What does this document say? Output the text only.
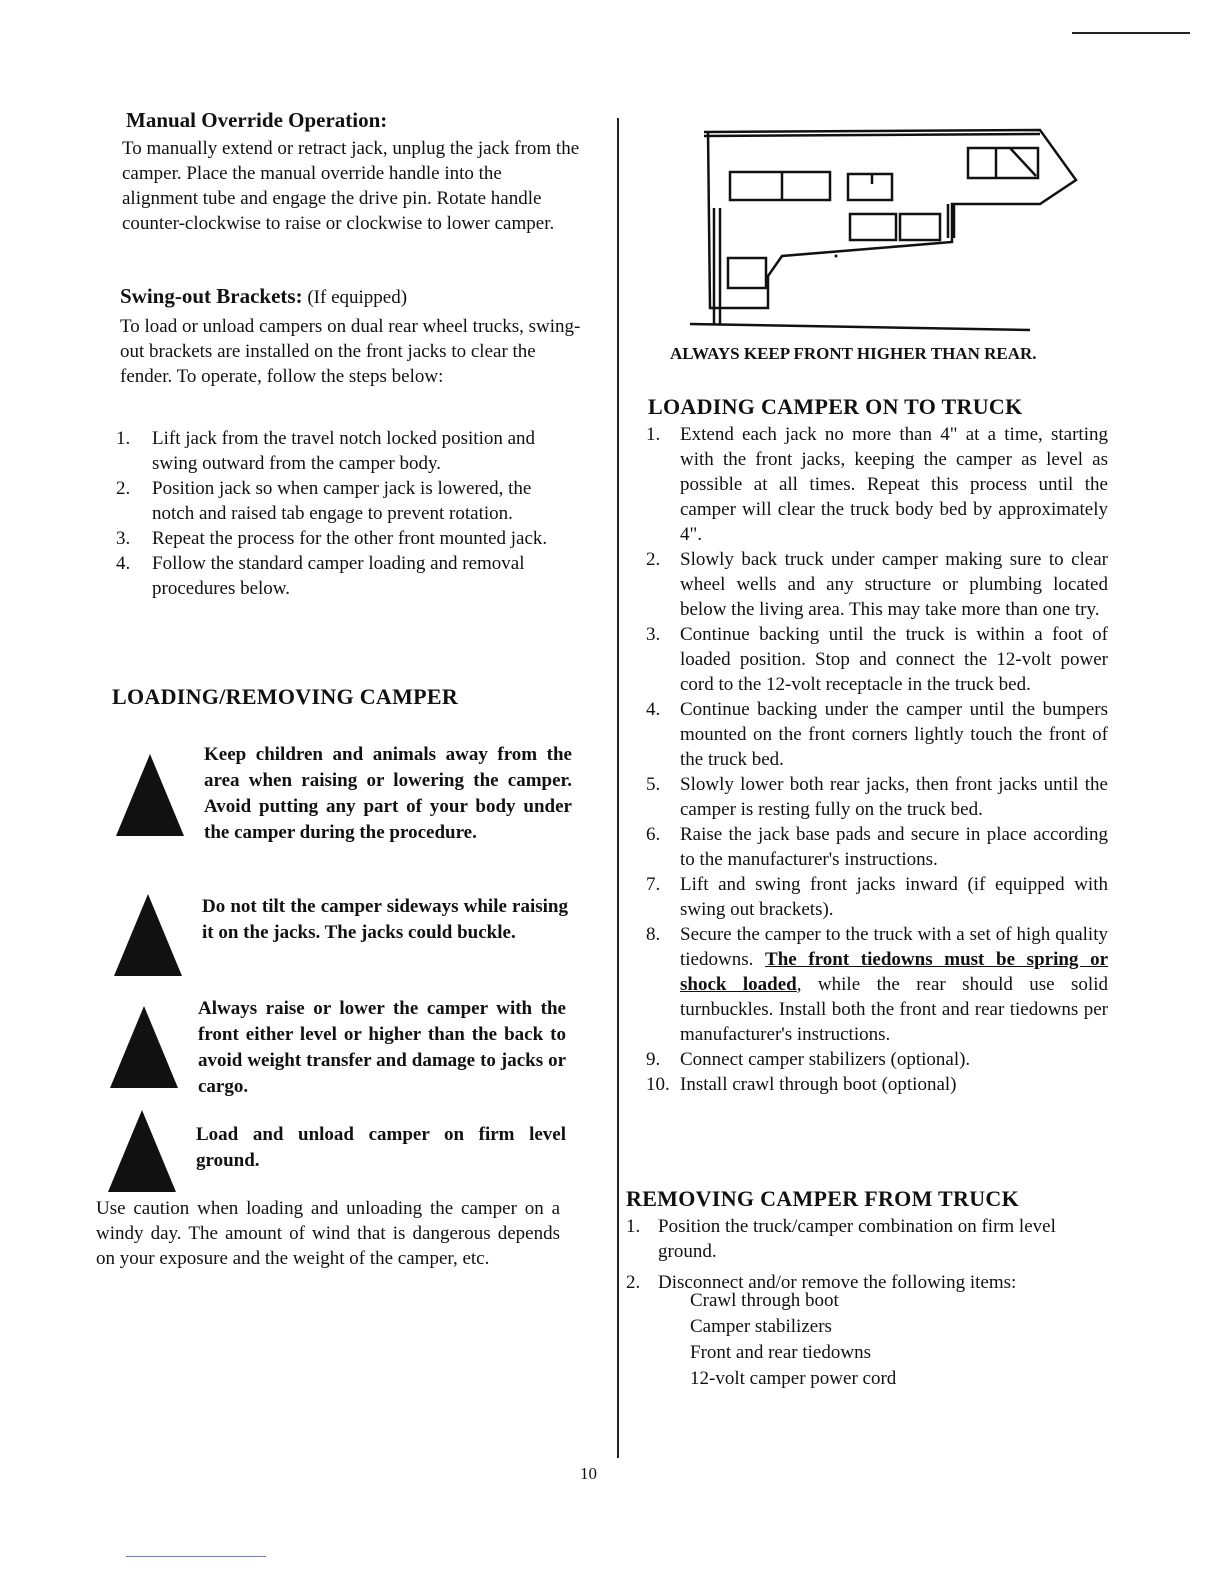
Manual Override Operation:
To manually extend or retract jack, unplug the jack from the camper. Place the manual override handle into the alignment tube and engage the drive pin. Rotate handle counter-clockwise to raise or clockwise to lower camper.
Swing-out Brackets: (If equipped)
To load or unload campers on dual rear wheel trucks, swing-out brackets are installed on the front jacks to clear the fender. To operate, follow the steps below:
1.	Lift jack from the travel notch locked position and swing outward from the camper body.
2.	Position jack so when camper jack is lowered, the notch and raised tab engage to prevent rotation.
3.	Repeat the process for the other front mounted jack.
4.	Follow the standard camper loading and removal procedures below.
LOADING/REMOVING CAMPER
Keep children and animals away from the area when raising or lowering the camper. Avoid putting any part of your body under the camper during the procedure.
Do not tilt the camper sideways while raising it on the jacks. The jacks could buckle.
Always raise or lower the camper with the front either level or higher than the back to avoid weight transfer and damage to jacks or cargo.
Load and unload camper on firm level ground.
Use caution when loading and unloading the camper on a windy day. The amount of wind that is dangerous depends on your exposure and the weight of the camper, etc.
ALWAYS KEEP FRONT HIGHER THAN REAR.
LOADING CAMPER ON TO TRUCK
1.	Extend each jack no more than 4" at a time, starting with the front jacks, keeping the camper as level as possible at all times. Repeat this process until the camper will clear the truck body bed by approximately 4".
2.	Slowly back truck under camper making sure to clear wheel wells and any structure or plumbing located below the living area. This may take more than one try.
3.	Continue backing until the truck is within a foot of loaded position. Stop and connect the 12-volt power cord to the 12-volt receptacle in the truck bed.
4.	Continue backing under the camper until the bumpers mounted on the front corners lightly touch the front of the truck bed.
5.	Slowly lower both rear jacks, then front jacks until the camper is resting fully on the truck bed.
6.	Raise the jack base pads and secure in place according to the manufacturer's instructions.
7.	Lift and swing front jacks inward (if equipped with swing out brackets).
8.	Secure the camper to the truck with a set of high quality tiedowns. The front tiedowns must be spring or shock loaded, while the rear should use solid turnbuckles. Install both the front and rear tiedowns per manufacturer's instructions.
9.	Connect camper stabilizers (optional).
10. Install crawl through boot (optional)
REMOVING CAMPER FROM TRUCK
1. Position the truck/camper combination on firm level ground.
2. Disconnect and/or remove the following items:
Crawl through boot
Camper stabilizers
Front and rear tiedowns
12-volt camper power cord
10
